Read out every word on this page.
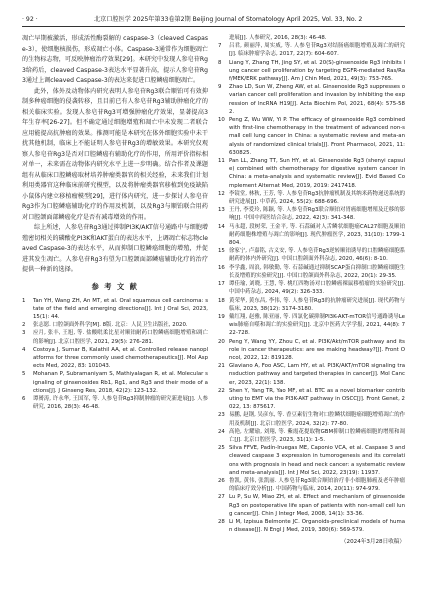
· 92 ·	北京口腔医学 2025年第33卷第2期 Beijing Journal of Stomatology April 2025, Vol. 33, No. 2

凋亡早期被激活，形成活性酶裂解的 caspase-3（cleaved Caspase-3），使细胞核损伤，形成凋亡小体。Caspase-3通常作为细胞凋亡的生物标志物，可反映肿瘤治疗效果[29]。本研究中发现人参皂苷Rg3给药后，cleaved Caspase-3表达水平显著升高，提示人参皂苷Rg3通过上调cleaved Caspase-3的表达来促进口腔鳞癌细胞凋亡。

此外，体外及动物体内研究表明人参皂苷Rg3联合顺铂可有效抑制多种癌细胞的侵袭转移，且目前已有人参皂苷Rg3辅助肿瘤化疗的相关临床实验。发现人参皂苷Rg3可增强肿瘤化疗效果，显著提高3年生存率[26-27]。但不确定通过细胞增殖和凋亡中未发现二者联合应用能提高抗肿瘤的效果。推测可能是本研究在体外细胞实验中未干扰其他机制，临床上不能证明人参皂苷Rg3的增敏效果。本研究仅观察人参皂苷Rg3是否对口腔鳞癌有辅助化疗的作用，所用评价指标相对单一，未来需在动物体内研究水平上进一步明确。结合作者及课题组有从临床口腔鳞癌取材培养肿瘤类器官的相关经验，未来我们计划利用类器官这种临床前研究模型，以及将肿瘤类器官移植到免疫缺陷小鼠体内建立移植瘤模型[29]，进行体内研究，进一步探讨人参皂苷Rg3作为口腔鳞癌辅助化疗的作用及机制，以及Rg3与顺铂联合用药对口腔颌面部鳞癌化疗是否有减毒增效的作用。

综上所述，人参皂苷Rg3通过抑制PI3K/AKT信号通路中与细胞增殖密切相关的磷酸化PI3K和AKT蛋白的表达水平，上调凋亡标志物cleaved Caspase-3的表达水平，从而抑制口腔鳞癌细胞的增殖，并促进其发生凋亡。人参皂苷Rg3有望为口腔颌面部鳞癌辅助化疗的治疗提供一种新的选择。

参 考 文 献

1 Tan YH, Wang ZH, An MT, et al. Oral squamous cell carcinoma: state of the field and emerging directions[J]. Int J Oral Sci, 2023, 15(1): 44.

2 张志愿. 口腔颌面外科学[M]. 8版. 北京：人民卫生出版社, 2020.

3 应月, 张丰, 王旭, 等. 盐酸吡柔比星对顺铂耐药口腔鳞癌细胞增殖和凋亡的影响[J]. 北京口腔医学, 2021, 29(5): 276-281.

4 Costoya J, Surnar B, Kalathil AA, et al. Controlled release nanoplatforms for three commonly used chemotherapeutics[J]. Mol Aspects Med, 2022, 83: 101043.

5 Mohanan P, Subramaniyam S, Mathiyalagan R, et al. Molecular signaling of ginsenosides Rb1, Rg1, and Rg3 and their mode of actions[J]. J Ginseng Res, 2018, 42(2): 123-132.

6 谭赟涛, 许永华, 王国军, 等. 人参皂苷Rg3抑制肿瘤的研究新进展[J]. 人参研究, 2016, 28(3): 46-48.

进展[J]. 人参研究, 2016, 28(3): 46-48.

7 吕君, 颜丽萍, 周实威, 等. 人参皂苷Rg3对结肠癌细胞增殖及凋亡的研究[J]. 临床肿瘤学杂志, 2017, 22(7): 604-607.

8 Liang Y, Zhang TH, Jing SY, et al. 20(S)-ginsenoside Rg3 inhibits lung cancer cell proliferation by targeting EGFR-mediated Ras/Raf/MEK/ERK pathway[J]. Am J Chin Med, 2021, 49(3): 753-765.

9 Zhao LD, Sun W, Zheng AW, et al. Ginsenoside Rg3 suppresses ovarian cancer cell proliferation and invasion by inhibiting the expression of lncRNA H19[J]. Acta Biochim Pol, 2021, 68(4): 575-582.

10 Peng Z, Wu WW, Yi P. The efficacy of ginsenoside Rg3 combined with first-line chemotherapy in the treatment of advanced non-small cell lung cancer in China: a systematic review and meta-analysis of randomized clinical trials[J]. Front Pharmacol, 2021, 11: 630825.

11 Pan LL, Zhang TT, Sun HY, et al. Ginsenoside Rg3 (shenyi capsule) combined with chemotherapy for digestive system cancer in China: a meta-analysis and systematic review[J]. Evid Based Complement Alternat Med, 2019, 2019: 2417418.

12 李镜堂, 林秋, 王芳, 等. 人参皂苷Rg3抗肿瘤机制及其纳米药物递送系统的研究进展[J]. 中草药, 2024, 55(2): 688-696.

13 王丹, 李爱玲, 陈颖, 等. 人参皂苷Rg3联合顺铂对胃癌细胞增殖及迁移的影响[J]. 中国中西医结合杂志, 2022, 42(3): 341-348.

14 马永超, 段树荣, 王金平, 等. 石蒜碱对人舌鳞状细胞癌CAL27细胞及顺铂耐药细胞株增殖与凋亡的影响[J]. 现代肿瘤医学, 2023, 31(10): 1799-1804.

15 徐家宁, 卢嘉铭, 古义安, 等. 人参皂苷Rg3逆转顺铂诱导的口腔鳞癌细胞系耐药的体内外研究[J]. 中国口腔颌面外科杂志, 2020, 46(6): 8-10.

16 李学鑫, 周浪, 韩敏勤, 等. 石蒜碱通过抑制SCAP蛋白抑制口腔鳞癌细胞生长及增殖的实验研究[J]. 中国口腔颌面外科杂志, 2022, 20(1): 29-35.

17 谭佳瑜, 刘晓, 王慧, 等. 桃红四物汤对口腔鳞癌裸鼠移植瘤的实验研究[J]. 中国中药杂志, 2024, 49(2): 326-333.

18 黄荣华, 黄东昌, 李伟, 等. 人参皂苷Rg3的抗肿瘤研究进展[J]. 现代药物与临床, 2023, 38(12): 3174-3180.

19 戴红翔, 赵雅, 陈亚丽, 等. 四氯化碳抑制PI3K-AKT-mTOR信号通路诱导Lewis肺癌自噬和凋亡的实验研究[J]. 北京中医药大学学报, 2021, 44(8): 722-728.

20 Peng Y, Wang YY, Zhou C, et al. PI3K/Akt/mTOR pathway and its role in cancer therapeutics: are we making headway?[J]. Front Oncol, 2022, 12: 819128.

21 Glaviano A, Foo ASC, Lam HY, et al. PI3K/AKT/mTOR signaling transduction pathway and targeted therapies in cancer[J]. Mol Cancer, 2023, 22(1): 138.

22 Shen Y, Yang TR, Yao MF, et al. BTC as a novel biomarker contributing to EMT via the PI3K-AKT pathway in OSCC[J]. Front Genet, 2022, 13: 875617.

23 易鹏, 赵钢, 吴彦东, 等. 香豆素衍生物对口腔鳞状细胞癌细胞增殖凋亡的作用及机制[J]. 北京口腔医学, 2024, 32(2): 77-80.

24 高艳, 左耀瑜, 刘翔, 等. 紫霞花提取物GBM抑制口腔鳞癌细胞的增殖和凋亡[J]. 北京口腔医学, 2023, 31(1): 1-5.

25 Silva FFVE, Padín-Iruegas ME, Caponio VCA, et al. Caspase 3 and cleaved caspase 3 expression in tumorogenesis and its correlations with prognosis in head and neck cancer: a systematic review and meta-analysis[J]. Int J Mol Sci, 2022, 23(19): 11937.

26 鲁凯, 黄伟, 张凯丽. 人参皂苷Rg3联合顺铂治疗非小细胞肺癌及老年肿瘤的临床疗效分析[J]. 中国药物与临床, 2014, 20(11): 974-979.

27 Lu P, Su W, Miao ZH, et al. Effect and mechanism of ginsenoside Rg3 on postoperative life span of patients with non-small cell lung cancer[J]. Chin J Integr Med, 2008, 14(1): 33-36.

28 Li M, Izpisua Belmonte JC. Organoids-preclinical models of human disease[J]. N Engl J Med, 2019, 380(6): 569-579.

（2024年3月28日收稿）
